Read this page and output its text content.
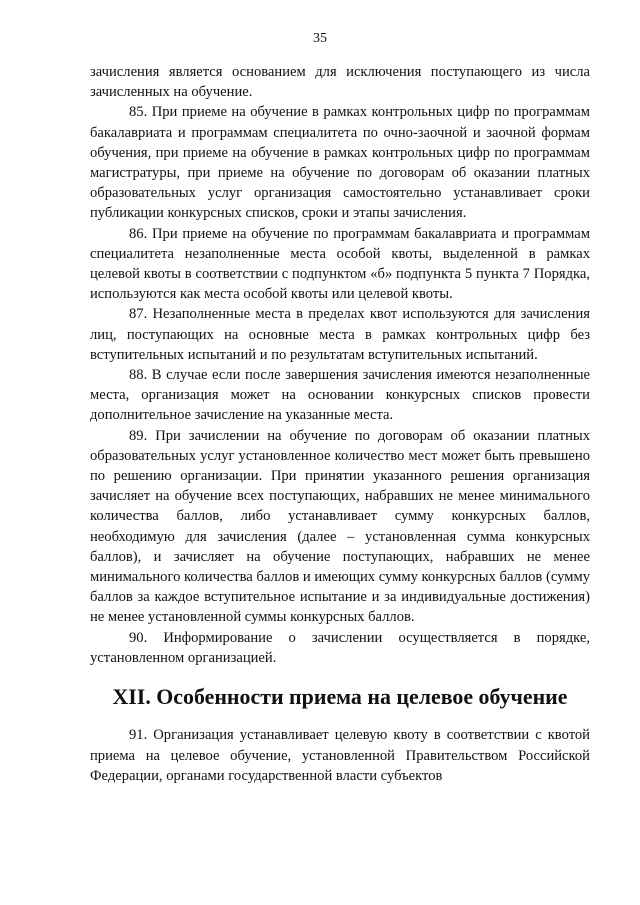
35

зачисления является основанием для исключения поступающего из числа зачисленных на обучение.

85. При приеме на обучение в рамках контрольных цифр по программам бакалавриата и программам специалитета по очно-заочной и заочной формам обучения, при приеме на обучение в рамках контрольных цифр по программам магистратуры, при приеме на обучение по договорам об оказании платных образовательных услуг организация самостоятельно устанавливает сроки публикации конкурсных списков, сроки и этапы зачисления.

86. При приеме на обучение по программам бакалавриата и программам специалитета незаполненные места особой квоты, выделенной в рамках целевой квоты в соответствии с подпунктом «б» подпункта 5 пункта 7 Порядка, используются как места особой квоты или целевой квоты.

87. Незаполненные места в пределах квот используются для зачисления лиц, поступающих на основные места в рамках контрольных цифр без вступительных испытаний и по результатам вступительных испытаний.

88. В случае если после завершения зачисления имеются незаполненные места, организация может на основании конкурсных списков провести дополнительное зачисление на указанные места.

89. При зачислении на обучение по договорам об оказании платных образовательных услуг установленное количество мест может быть превышено по решению организации. При принятии указанного решения организация зачисляет на обучение всех поступающих, набравших не менее минимального количества баллов, либо устанавливает сумму конкурсных баллов, необходимую для зачисления (далее – установленная сумма конкурсных баллов), и зачисляет на обучение поступающих, набравших не менее минимального количества баллов и имеющих сумму конкурсных баллов (сумму баллов за каждое вступительное испытание и за индивидуальные достижения) не менее установленной суммы конкурсных баллов.

90. Информирование о зачислении осуществляется в порядке, установленном организацией.

XII. Особенности приема на целевое обучение

91. Организация устанавливает целевую квоту в соответствии с квотой приема на целевое обучение, установленной Правительством Российской Федерации, органами государственной власти субъектов
